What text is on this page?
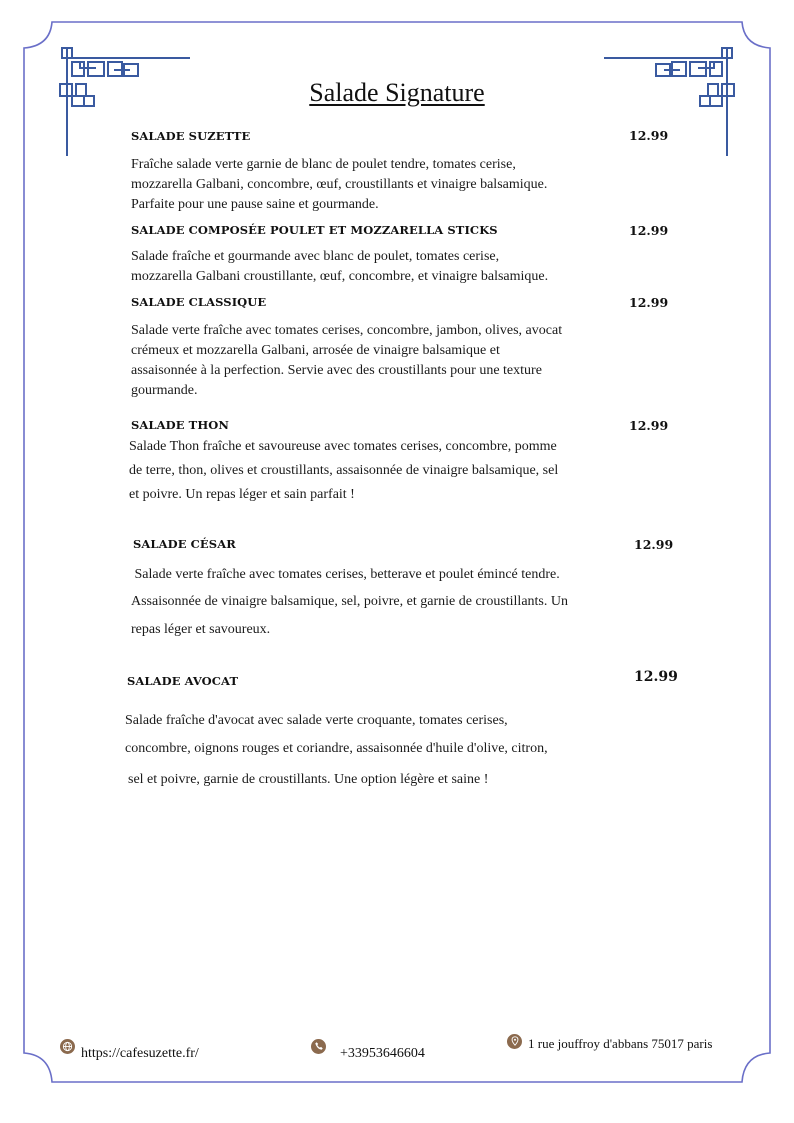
Salade Signature
SALADE SUZETTE	12.99
Fraîche salade verte garnie de blanc de poulet tendre, tomates cerise,
mozzarella Galbani, concombre, œuf, croustillants et vinaigre balsamique.
Parfaite pour une pause saine et gourmande.
SALADE COMPOSÉE POULET ET MOZZARELLA STICKS	12.99
Salade fraîche et gourmande avec blanc de poulet, tomates cerise,
mozzarella Galbani croustillante, œuf, concombre, et vinaigre balsamique.
SALADE CLASSIQUE	12.99
Salade verte fraîche avec tomates cerises, concombre, jambon, olives, avocat
crémeux et mozzarella Galbani, arrosée de vinaigre balsamique et
assaisonnée à la perfection. Servie avec des croustillants pour une texture
gourmande.
SALADE THON	12.99
Salade Thon fraîche et savoureuse avec tomates cerises, concombre, pomme
de terre, thon, olives et croustillants, assaisonnée de vinaigre balsamique, sel
et poivre. Un repas léger et sain parfait !
SALADE CÉSAR	12.99
Salade verte fraîche avec tomates cerises, betterave et poulet émincé tendre.
Assaisonnée de vinaigre balsamique, sel, poivre, et garnie de croustillants. Un
repas léger et savoureux.
SALADE AVOCAT	12.99
Salade fraîche d'avocat avec salade verte croquante, tomates cerises,
concombre, oignons rouges et coriandre, assaisonnée d'huile d'olive, citron,
sel et poivre, garnie de croustillants. Une option légère et saine !
https://cafesuzette.fr/	+33953646604
1 rue jouffroy d'abbans 75017 paris
